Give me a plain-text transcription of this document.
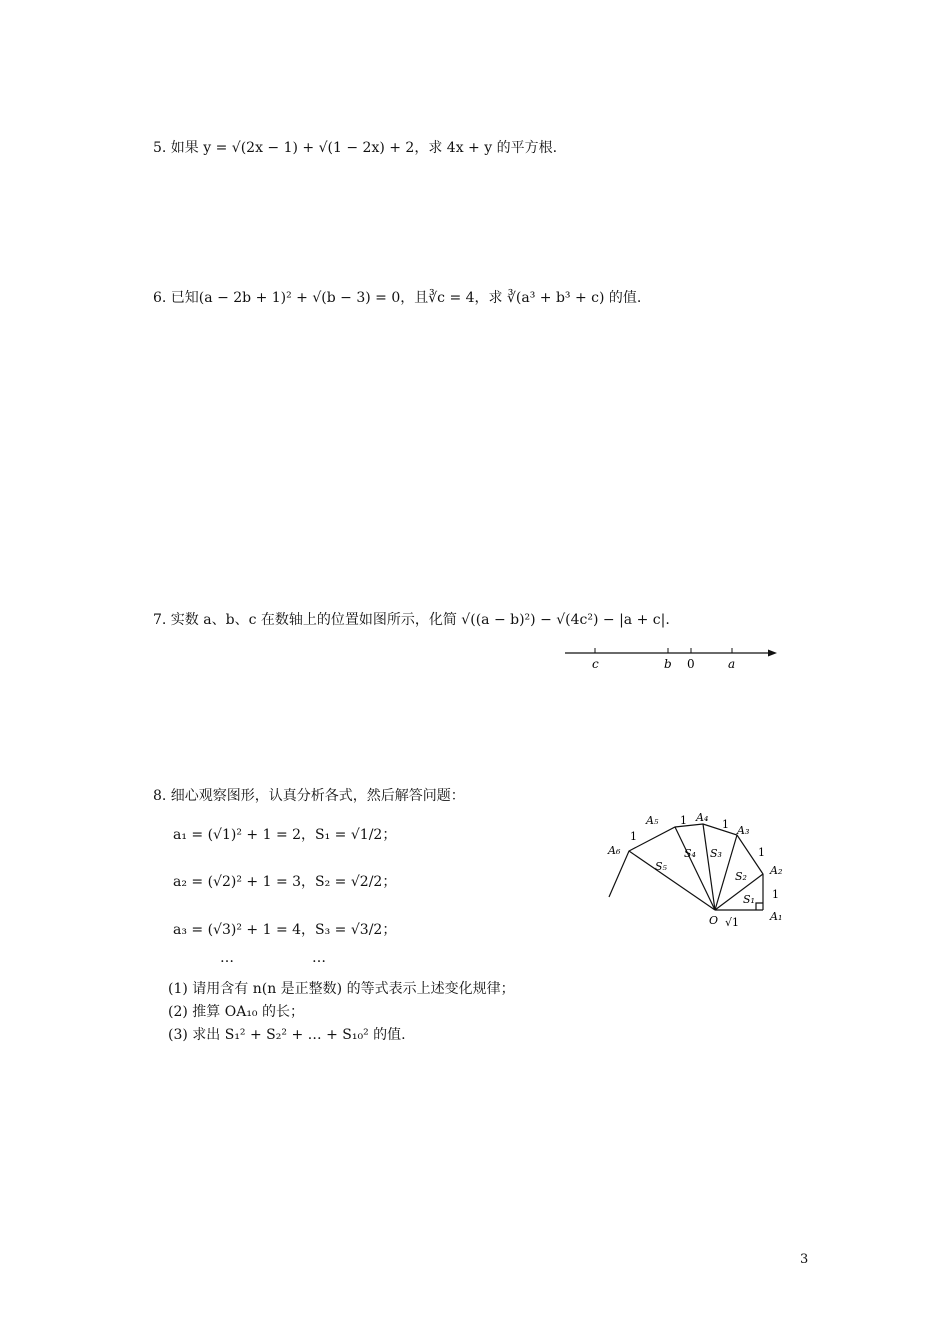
5. 如果 y = √(2x − 1) + √(1 − 2x) + 2，求 4x + y 的平方根.
6. 已知(a − 2b + 1)² + √(b − 3) = 0，且∛c = 4，求 ∛(a³ + b³ + c) 的值.
7. 实数 a、b、c 在数轴上的位置如图所示，化简 √((a − b)²) − √(4c²) − |a + c|.
c	b 0	a
8. 细心观察图形，认真分析各式，然后解答问题：
a₁ = (√1)² + 1 = 2，S₁ = √1/2；
a₂ = (√2)² + 1 = 3，S₂ = √2/2；
a₃ = (√3)² + 1 = 4，S₃ = √3/2；
…	…
(1) 请用含有 n(n 是正整数) 的等式表示上述变化规律；
(2) 推算 OA₁₀ 的长；
(3) 求出 S₁² + S₂² + … + S₁₀² 的值.
A₅
1
1 A₄
1 A₃
1
A₂
1
A₁
A₆
O √1
S₁
S₂
S₃
S₄
S₅
3
